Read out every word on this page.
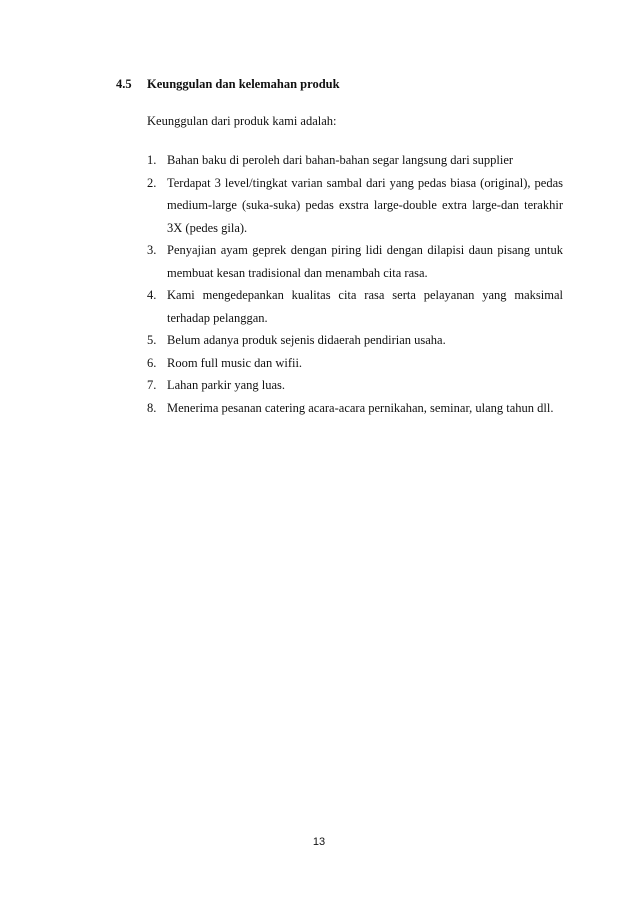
4.5 Keunggulan dan kelemahan produk
Keunggulan dari produk kami adalah:
1. Bahan baku di peroleh dari bahan-bahan segar langsung dari supplier
2. Terdapat 3 level/tingkat varian sambal dari yang pedas biasa (original), pedas medium-large (suka-suka) pedas exstra large-double extra large-dan terakhir 3X (pedes gila).
3. Penyajian ayam geprek dengan piring lidi dengan dilapisi daun pisang untuk membuat kesan tradisional dan menambah cita rasa.
4. Kami mengedepankan kualitas cita rasa serta pelayanan yang maksimal terhadap pelanggan.
5. Belum adanya produk sejenis didaerah pendirian usaha.
6. Room full music dan wifii.
7. Lahan parkir yang luas.
8. Menerima pesanan catering acara-acara pernikahan, seminar, ulang tahun dll.
13
